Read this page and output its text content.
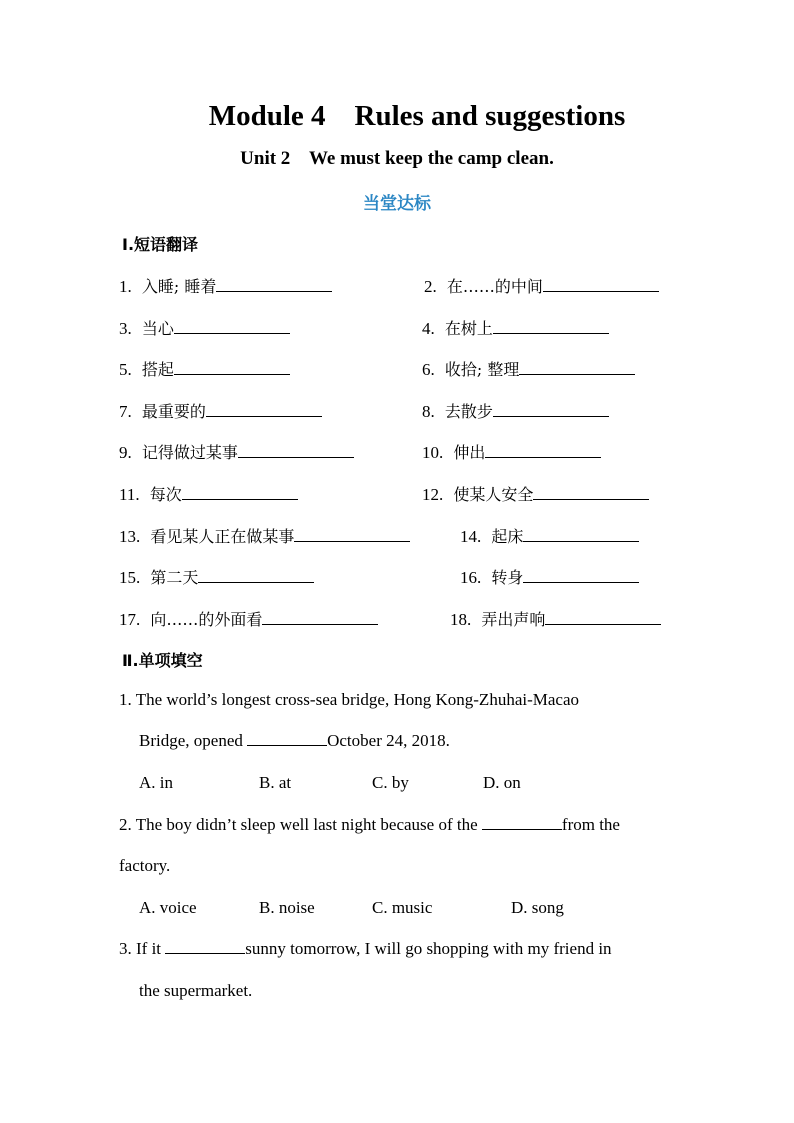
Module 4    Rules and suggestions
Unit 2    We must keep the camp clean.
当堂达标
Ⅰ.短语翻译
1. 入睡; 睡着	2. 在……的中间
3. 当心	4. 在树上
5. 搭起	6. 收拾; 整理
7. 最重要的	8. 去散步
9. 记得做过某事	10. 伸出
11. 每次	12. 使某人安全
13. 看见某人正在做某事	14. 起床
15. 第二天	16. 转身
17. 向……的外面看	18. 弄出声响
Ⅱ.单项填空
1. The world’s longest cross-sea bridge, Hong Kong-Zhuhai-Macao
Bridge, opened	October 24, 2018.
A. in	B. at	C. by	D. on
2. The boy didn’t sleep well last night because of the	from the
factory.
A. voice	B. noise	C. music	D. song
3. If it	sunny tomorrow, I will go shopping with my friend in
the supermarket.
